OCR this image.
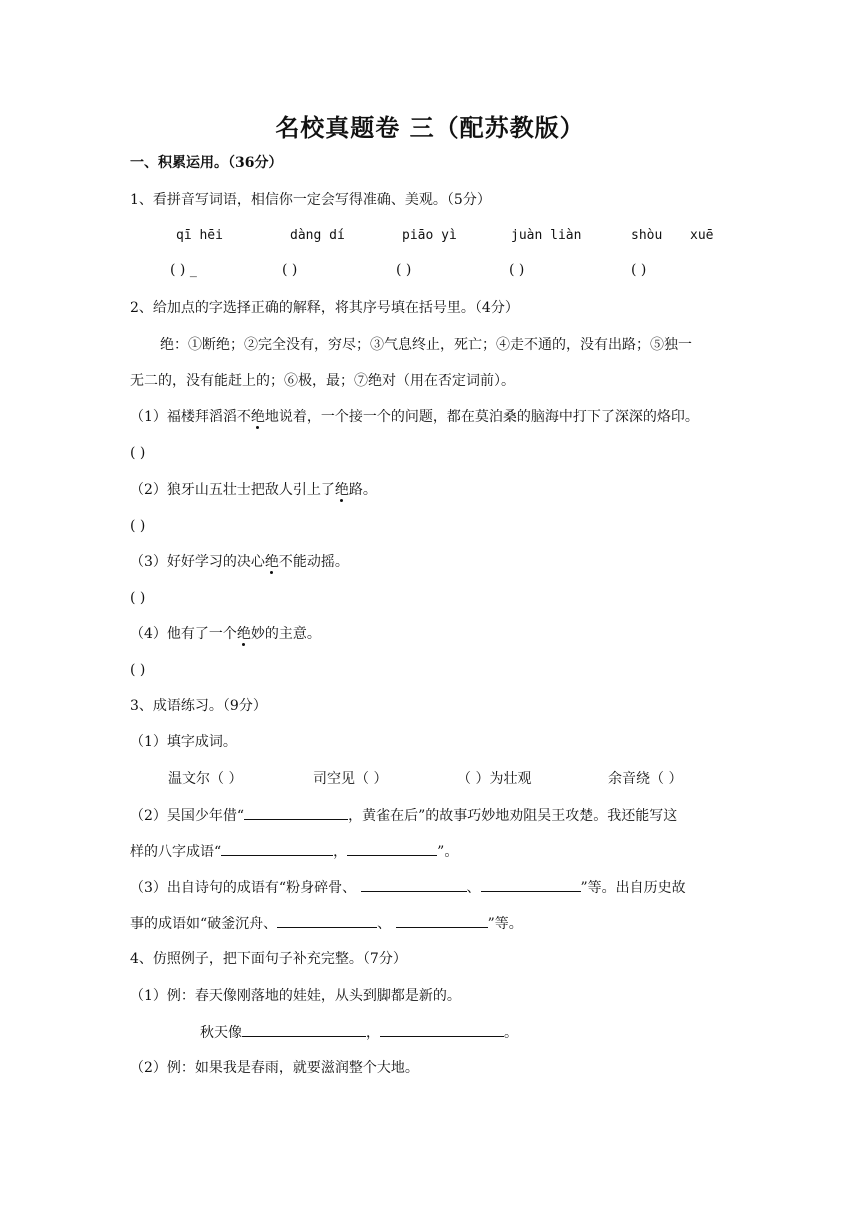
名校真题卷 三（配苏教版）
一、积累运用。（36分）
1、看拼音写词语，相信你一定会写得准确、美观。（5分）
qī hēi	dàng dí	piāo yì	juàn liàn	shòu xuē
( ) _	( )	( )	( )	( )
2、给加点的字选择正确的解释，将其序号填在括号里。（4分）
绝：①断绝；②完全没有，穷尽；③气息终止，死亡；④走不通的，没有出路；⑤独一
无二的，没有能赶上的；⑥极，最；⑦绝对（用在否定词前）。
（1）福楼拜滔滔不绝地说着，一个接一个的问题，都在莫泊桑的脑海中打下了深深的烙印。
( )
（2）狼牙山五壮士把敌人引上了绝路。
( )
（3）好好学习的决心绝不能动摇。
( )
（4）他有了一个绝妙的主意。
( )
3、成语练习。（9分）
（1）填字成词。
温文尔（ ）	司空见（ ）	（ ）为壮观	余音绕（ ）
（2）吴国少年借“	，黄雀在后”的故事巧妙地劝阻吴王攻楚。我还能写这
样的八字成语“	，	”。
（3）出自诗句的成语有“粉身碎骨、	、	”等。出自历史故
事的成语如“破釜沉舟、	、	”等。
4、仿照例子，把下面句子补充完整。（7分）
（1）例：春天像刚落地的娃娃，从头到脚都是新的。
秋天像	，	。
（2）例：如果我是春雨，就要滋润整个大地。
